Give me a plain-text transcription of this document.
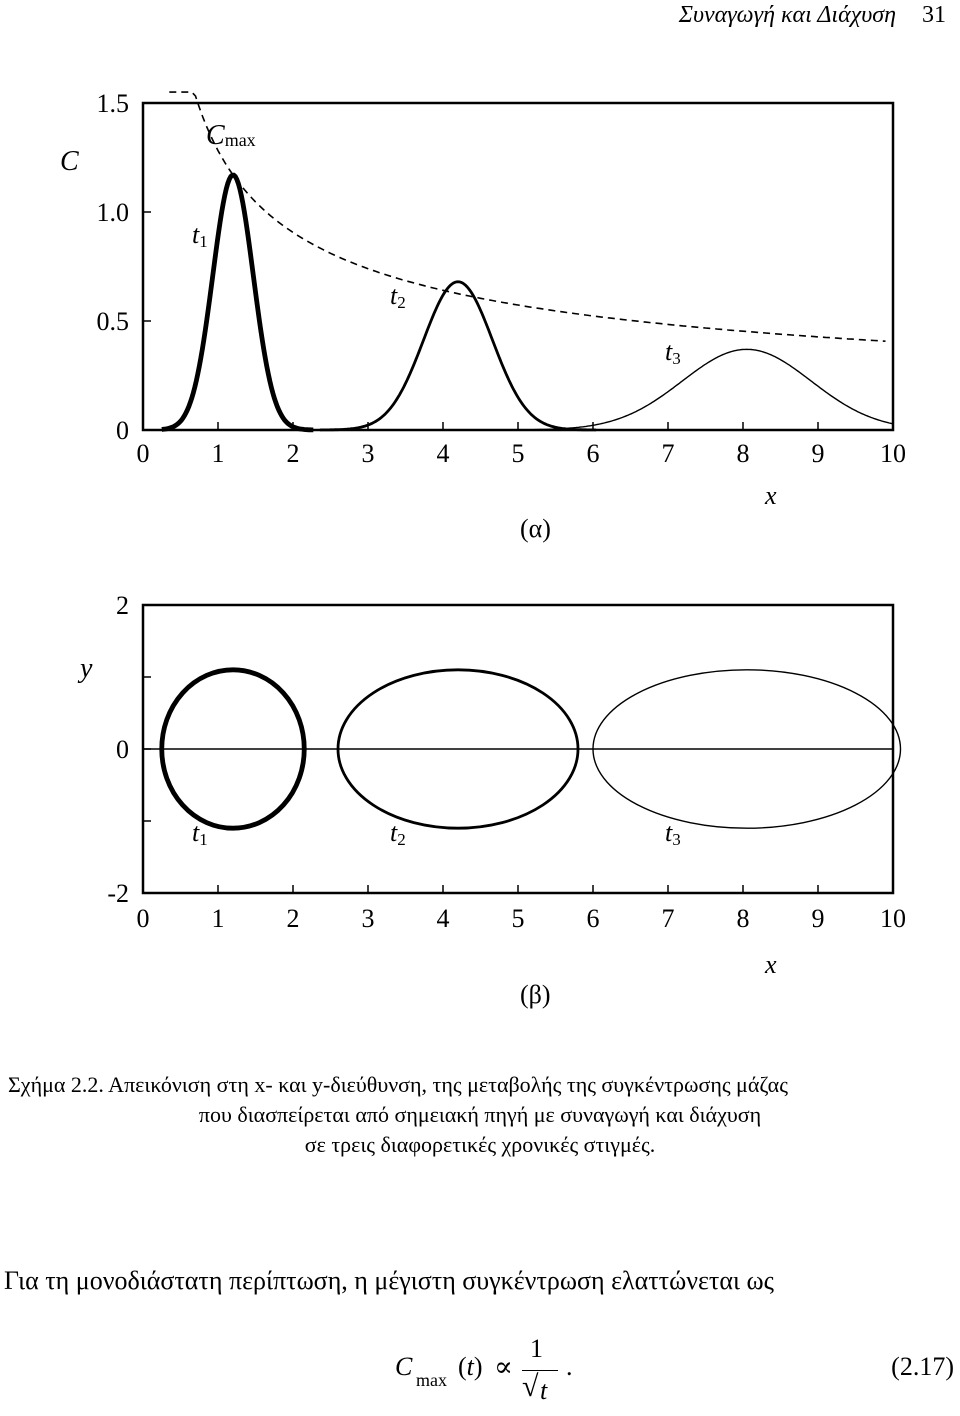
Συναγωγή και Διάχυση 31
0 1 2 3 4 5 6 7 8 9 10
0
0.5
1.0
1.5
C
Cmax
t1
t2
t3
x
(α)
0 1 2 3 4 5 6 7 8 9 10
-2
0
2
y
t1	t2	t3
x
(β)
Σχήμα 2.2. Απεικόνιση στη x- και y-διεύθυνση, της μεταβολής της συγκέντρωσης μάζας
που διασπείρεται από σημειακή πηγή με συναγωγή και διάχυση
σε τρεις διαφορετικές χρονικές στιγμές.
Για τη μονοδιάστατη περίπτωση, η μέγιστη συγκέντρωση ελαττώνεται ως
C max (t) ∝
1
√ t
.	(2.17)
